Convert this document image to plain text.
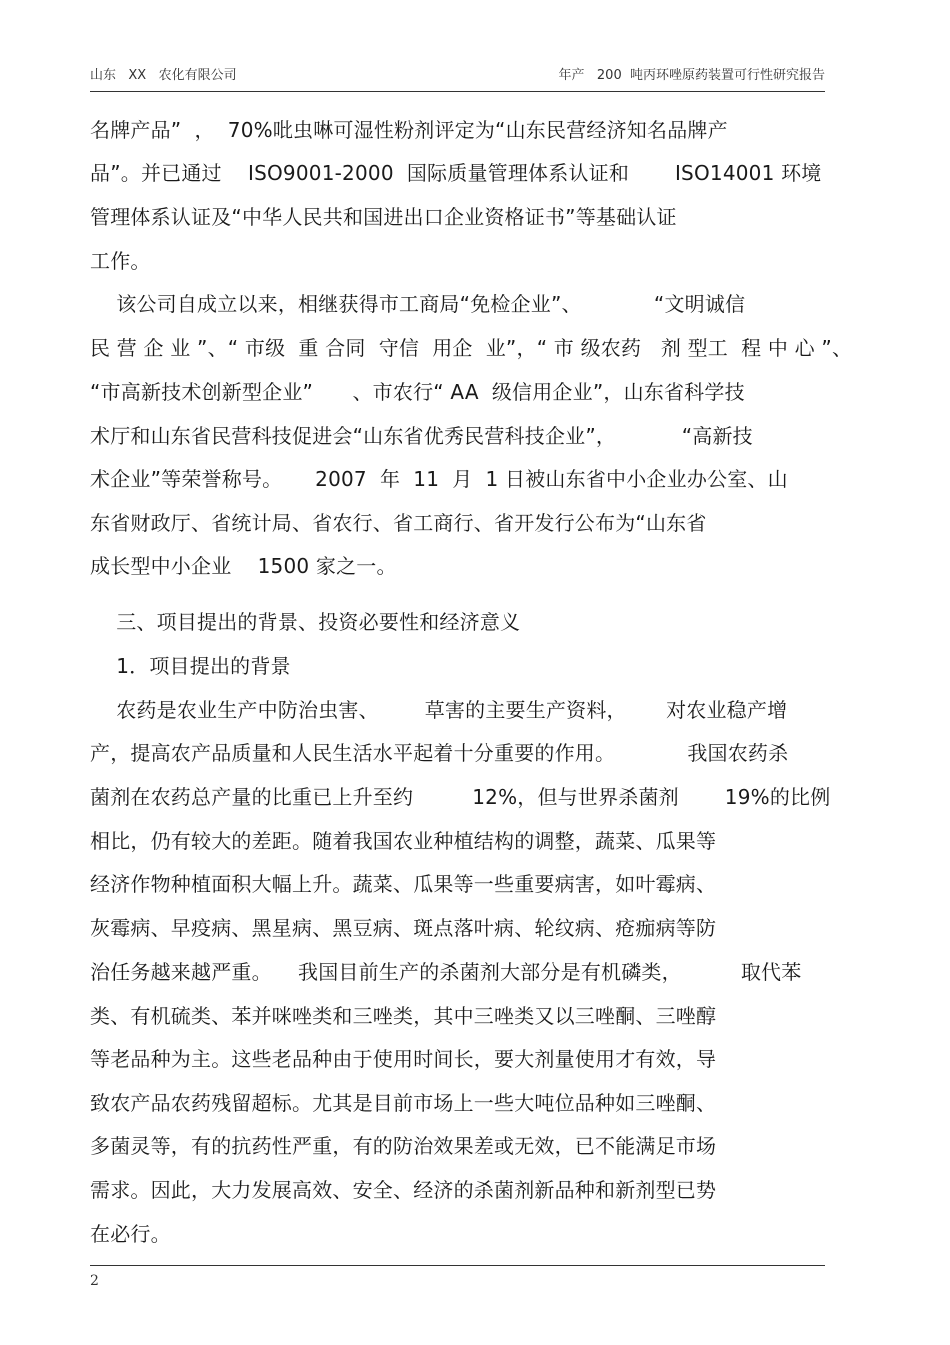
山东   XX   农化有限公司	年产   200  吨丙环唑原药装置可行性研究报告
名牌产品”  ，  70%吡虫啉可湿性粉剂评定为“山东民营经济知名品牌产
品”。并已通过    ISO9001-2000  国际质量管理体系认证和       ISO14001 环境
管理体系认证及“中华人民共和国进出口企业资格证书”等基础认证
工作。
该公司自成立以来，相继获得市工商局“免检企业”、           “文明诚信
民 营 企 业 ”、“ 市级  重 合同  守信  用企  业”，“ 市 级农药   剂 型工  程 中 心 ”、
“市高新技术创新型企业”      、市农行“ AA  级信用企业”，山东省科学技
术厅和山东省民营科技促进会“山东省优秀民营科技企业”，          “高新技
术企业”等荣誉称号。     2007  年  11  月  1 日被山东省中小企业办公室、山
东省财政厅、省统计局、省农行、省工商行、省开发行公布为“山东省
成长型中小企业    1500 家之一。
三、项目提出的背景、投资必要性和经济意义
1．项目提出的背景
农药是农业生产中防治虫害、       草害的主要生产资料，      对农业稳产增
产，提高农产品质量和人民生活水平起着十分重要的作用。           我国农药杀
菌剂在农药总产量的比重已上升至约         12%，但与世界杀菌剂       19%的比例
相比，仍有较大的差距。随着我国农业种植结构的调整，蔬菜、瓜果等
经济作物种植面积大幅上升。蔬菜、瓜果等一些重要病害，如叶霉病、
灰霉病、早疫病、黑星病、黑豆病、斑点落叶病、轮纹病、疮痂病等防
治任务越来越严重。    我国目前生产的杀菌剂大部分是有机磷类，         取代苯
类、有机硫类、苯并咪唑类和三唑类，其中三唑类又以三唑酮、三唑醇
等老品种为主。这些老品种由于使用时间长，要大剂量使用才有效，导
致农产品农药残留超标。尤其是目前市场上一些大吨位品种如三唑酮、
多菌灵等，有的抗药性严重，有的防治效果差或无效，已不能满足市场
需求。因此，大力发展高效、安全、经济的杀菌剂新品种和新剂型已势
在必行。
2
